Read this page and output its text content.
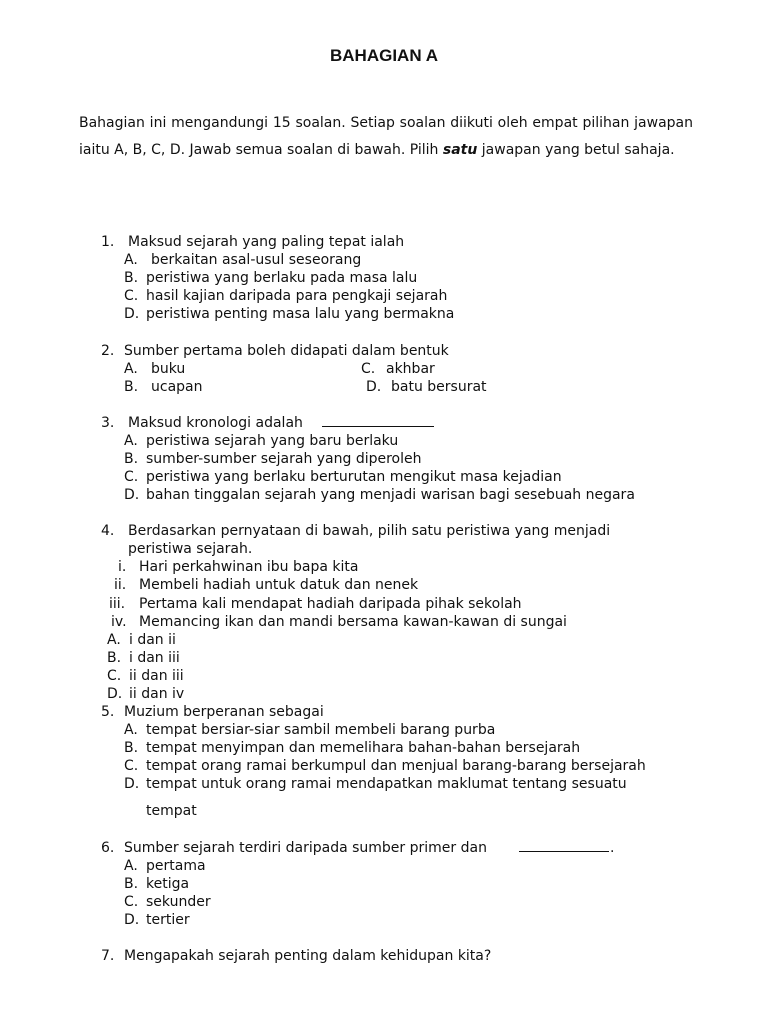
BAHAGIAN A
Bahagian ini mengandungi 15 soalan. Setiap soalan diikuti oleh empat pilihan jawapan iaitu A, B, C, D. Jawab semua soalan di bawah. Pilih satu jawapan yang betul sahaja.
1. Maksud sejarah yang paling tepat ialah
A. berkaitan asal-usul seseorang
B. peristiwa yang berlaku pada masa lalu
C. hasil kajian daripada para pengkaji sejarah
D. peristiwa penting masa lalu yang bermakna
2. Sumber pertama boleh didapati dalam bentuk
A. buku	C. akhbar
B. ucapan	D. batu bersurat
3. Maksud kronologi adalah
A. peristiwa sejarah yang baru berlaku
B. sumber-sumber sejarah yang diperoleh
C. peristiwa yang berlaku berturutan mengikut masa kejadian
D. bahan tinggalan sejarah yang menjadi warisan bagi sesebuah negara
4. Berdasarkan pernyataan di bawah, pilih satu peristiwa yang menjadi
peristiwa sejarah.
i. Hari perkahwinan ibu bapa kita
ii. Membeli hadiah untuk datuk dan nenek
iii. Pertama kali mendapat hadiah daripada pihak sekolah
iv. Memancing ikan dan mandi bersama kawan-kawan di sungai
A. i dan ii
B. i dan iii
C. ii dan iii
D. ii dan iv
5. Muzium berperanan sebagai
A. tempat bersiar-siar sambil membeli barang purba
B. tempat menyimpan dan memelihara bahan-bahan bersejarah
C. tempat orang ramai berkumpul dan menjual barang-barang bersejarah
D. tempat untuk orang ramai mendapatkan maklumat tentang sesuatu
tempat
6. Sumber sejarah terdiri daripada sumber primer dan	.
A. pertama
B. ketiga
C. sekunder
D. tertier
7. Mengapakah sejarah penting dalam kehidupan kita?
